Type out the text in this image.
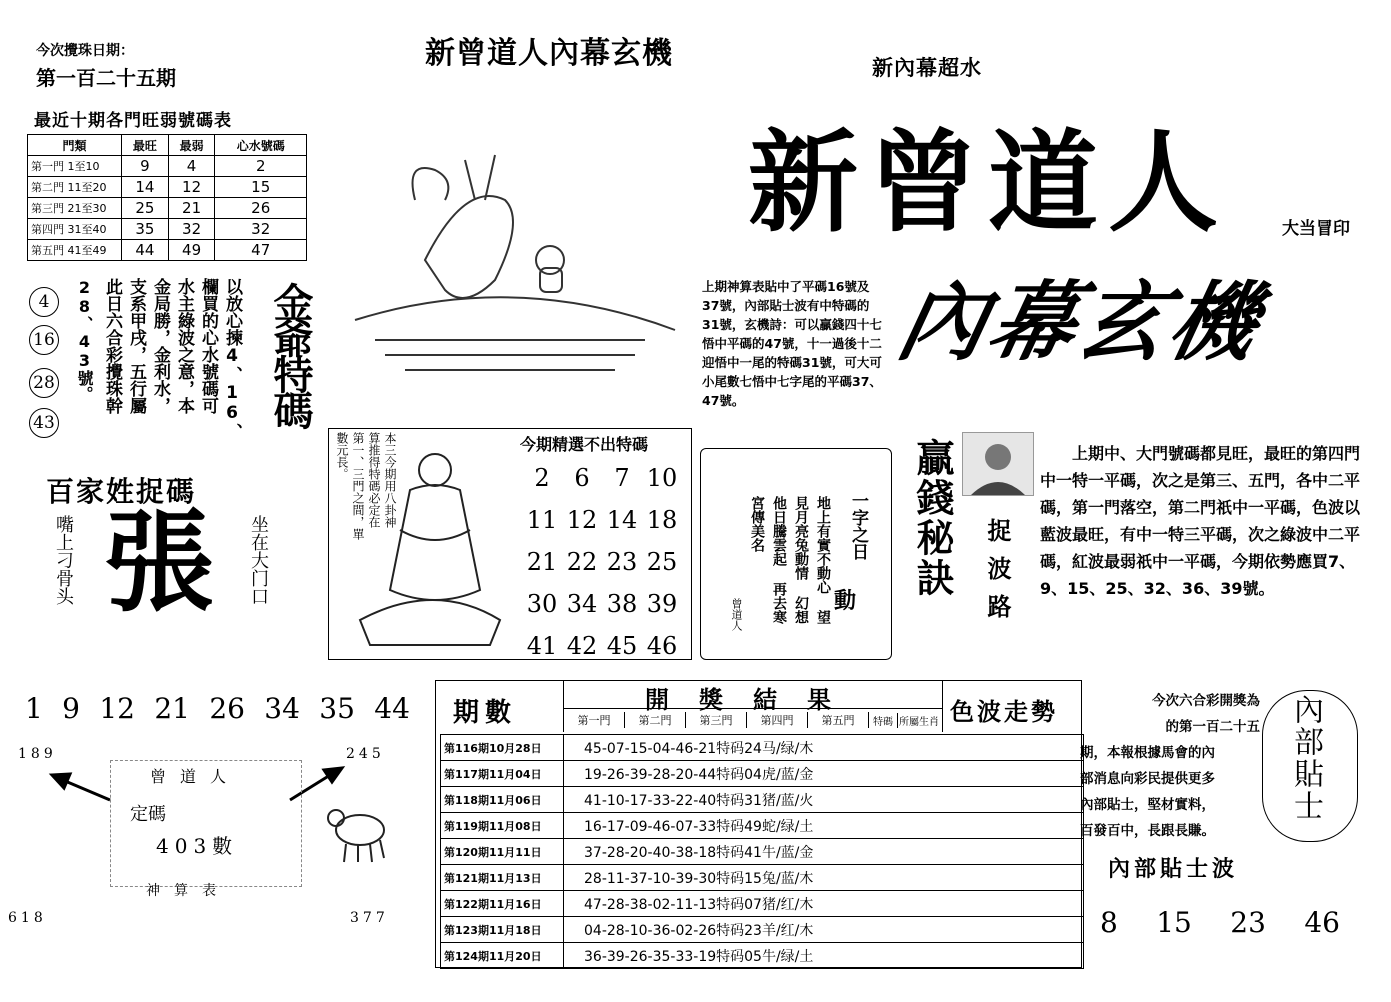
今次攪珠日期：
第一百二十五期
新曾道人內幕玄機	新內幕超水
新曾道人	大当冒印
內幕玄機
最近十期各門旺弱號碼表
門類	最旺	最弱	心水號碼
第一門 1至10	9	4	2
第二門 11至20	14	12	15
第三門 21至30	25	21	26
第四門 31至40	35	32	32
第五門 41至49	44	49	47
4
16
28
43
28、43號。	以放心揀4、16、 欄買的心水號碼可 水主綠波之意，本 金局勝，金利水， 支系甲戌，五行屬 此日六合彩攪珠幹	金爺特碼
百家姓捉碼
嘴上刁骨头 張 坐在大门口
本三今期用八卦神 算推得特碼必定在 第一、三門之間，單 數元長。	今期精選不出特碼
2	6	7 10
11 12 14 18
21 22 23 25
30 34 38 39
41 42 45 46
上期神算表貼中了平碼16號及37號，內部貼士波有中特碼的31號，玄機詩：可以贏錢四十七悟中平碼的47號，十一過後十二迎悟中一尾的特碼31號，可大可小尾數七悟中七字尾的平碼37、47號。
一字之日
動
地上有實不動心 望見月亮兔動情 幻想他日騰雲起 再去寒宮傳美名
曾道人
贏錢秘訣 捉波路
上期中、大門號碼都見旺，最旺的第四門中一特一平碼，次之是第三、五門，各中二平碼，第一門落空，第二門祇中一平碼，色波以藍波最旺，有中一特三平碼，次之綠波中二平碼，紅波最弱祇中一平碼，今期依勢應買7、9、15、25、32、36、39號。
1 9 12 21 26 34 35 44
189	245
618	377
曾道人
定碼
403數
神算表
期數	開獎結果	色波走勢
第一門	第二門	第三門	第四門	第五門	特碼 所屬生肖
第116期10月28日	45-07-15-04-46-21特码24马/绿/木
第117期11月04日	19-26-39-28-20-44特码04虎/蓝/金
第118期11月06日	41-10-17-33-22-40特码31猪/蓝/火
第119期11月08日	16-17-09-46-07-33特码49蛇/绿/土
第120期11月11日	37-28-20-40-38-18特码41牛/蓝/金
第121期11月13日	28-11-37-10-39-30特码15兔/蓝/木
第122期11月16日	47-28-38-02-11-13特码07猪/红/木
第123期11月18日	04-28-10-36-02-26特码23羊/红/木
第124期11月20日	36-39-26-35-33-19特码05牛/绿/土
今次六合彩開獎為
的第一百二十五
期，本報根據馬會的內
部消息向彩民提供更多
內部貼士，堅材實料，
百發百中，長跟長賺。
內部貼士
內部貼士波
8 15 23 46
